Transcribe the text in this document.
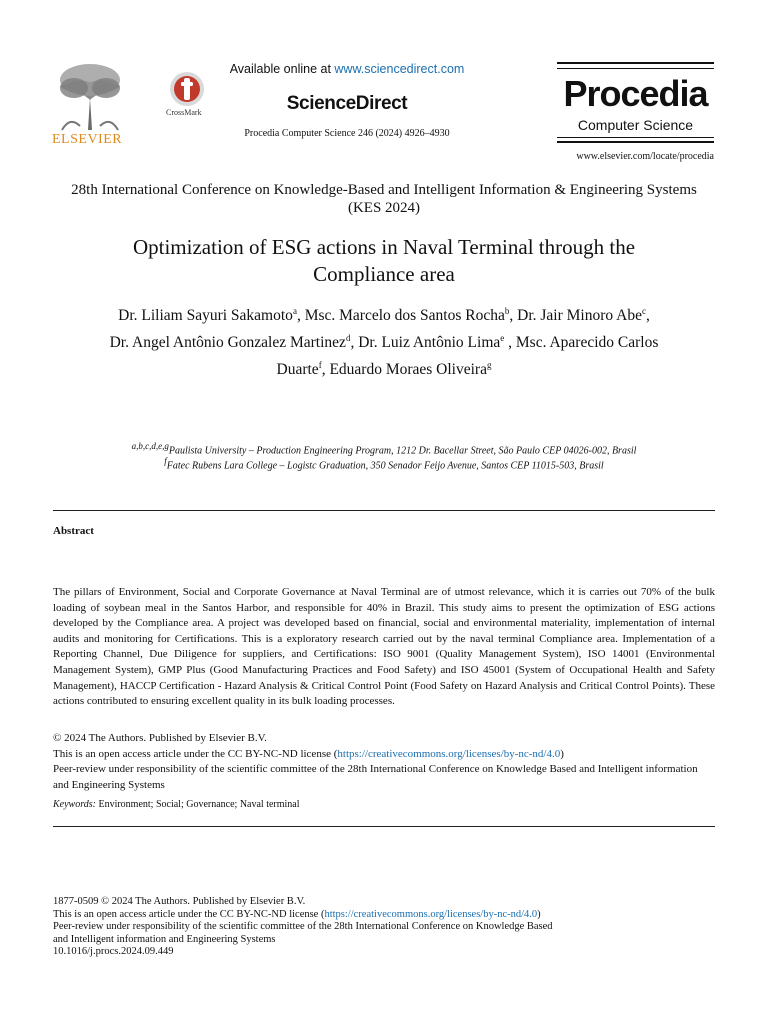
ELSEVIER
CrossMark
Available online at www.sciencedirect.com
ScienceDirect
Procedia Computer Science 246 (2024) 4926–4930
Procedia
Computer Science
www.elsevier.com/locate/procedia
28th International Conference on Knowledge-Based and Intelligent Information & Engineering Systems (KES 2024)
Optimization of ESG actions in Naval Terminal through the
Compliance area
Dr. Liliam Sayuri Sakamoto$^a$, Msc. Marcelo dos Santos Rocha$^b$, Dr. Jair Minoro Abe$^c$,
Dr. Angel Antônio Gonzalez Martinez$^d$, Dr. Luiz Antônio Lima$^e$ , Msc. Aparecido Carlos
Duarte$^f$, Eduardo Moraes Oliveira$^g$
$^{a,b,c,d,e,g}$Paulista University – Production Engineering Program, 1212 Dr. Bacellar Street, São Paulo CEP 04026-002, Brasil
$^f$Fatec Rubens Lara College – Logistc Graduation, 350 Senador Feijo Avenue, Santos CEP 11015-503, Brasil
Abstract
The pillars of Environment, Social and Corporate Governance at Naval Terminal are of utmost relevance, which it is carries out 70% of the bulk loading of soybean meal in the Santos Harbor, and responsible for 40% in Brazil. This study aims to present the optimization of ESG actions developed by the Compliance area. A project was developed based on financial, social and environmental materiality, implementation of internal audits and monitoring for Certifications. This is a exploratory research carried out by the naval terminal Compliance area. Implementation of a Reporting Channel, Due Diligence for suppliers, and Certifications: ISO 9001 (Quality Management System), ISO 14001 (Environmental Management System), GMP Plus (Good Manufacturing Practices and Food Safety) and ISO 45001 (System of Occupational Health and Safety Management), HACCP Certification - Hazard Analysis & Critical Control Point (Food Safety on Hazard Analysis and Critical Control Points). These actions contributed to ensuring excellent quality in its bulk loading processes.
© 2024 The Authors. Published by Elsevier B.V.
This is an open access article under the CC BY-NC-ND license (https://creativecommons.org/licenses/by-nc-nd/4.0)
Peer-review under responsibility of the scientific committee of the 28th International Conference on Knowledge Based and Intelligent information and Engineering Systems
Keywords: Environment; Social; Governance; Naval terminal
1877-0509 © 2024 The Authors. Published by Elsevier B.V.
This is an open access article under the CC BY-NC-ND license (https://creativecommons.org/licenses/by-nc-nd/4.0)
Peer-review under responsibility of the scientific committee of the 28th International Conference on Knowledge Based
and Intelligent information and Engineering Systems
10.1016/j.procs.2024.09.449
